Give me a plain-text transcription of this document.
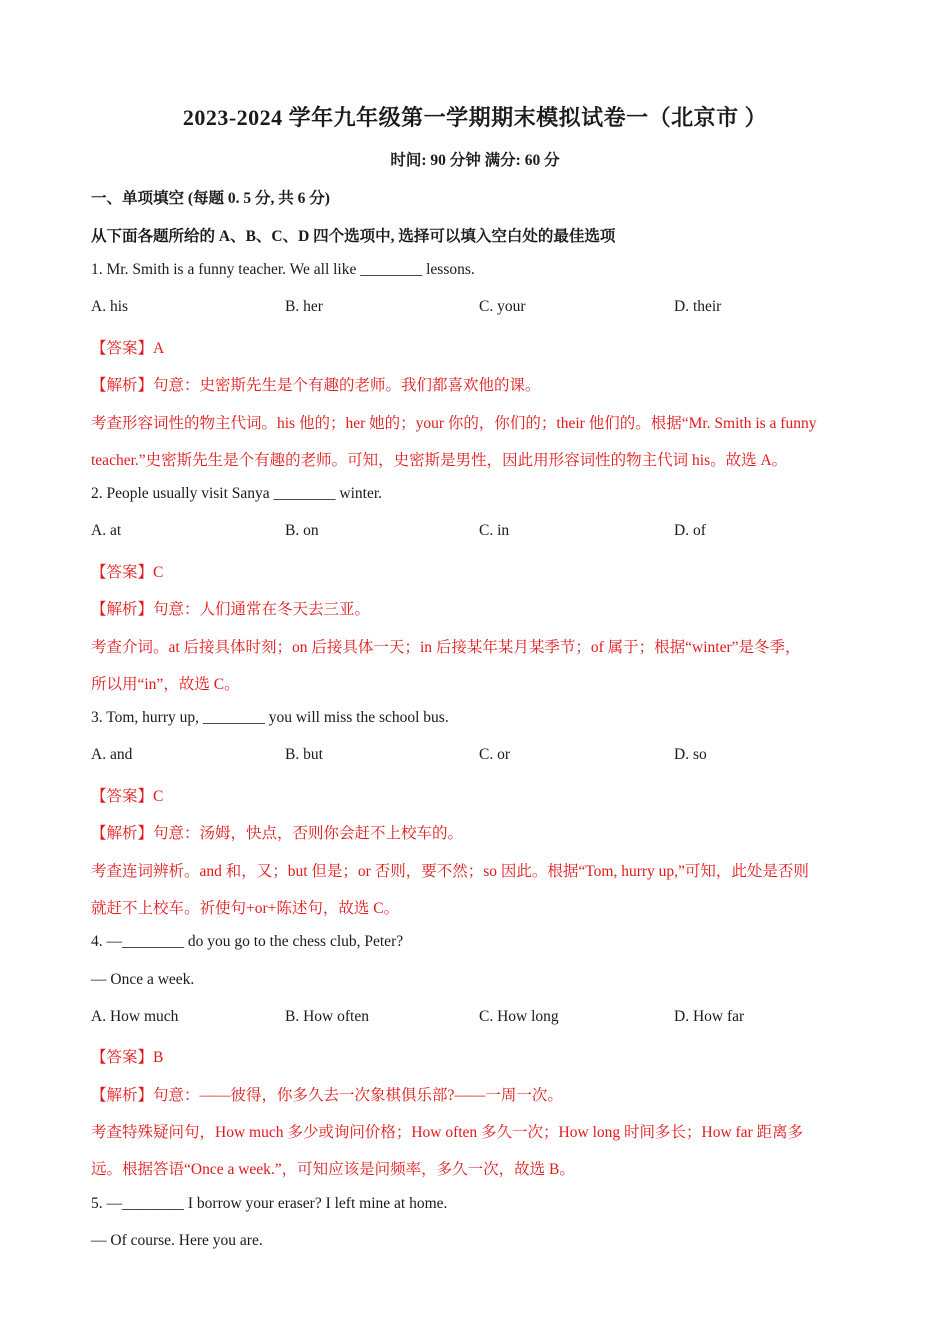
2023-2024 学年九年级第一学期期末模拟试卷一（北京市 ）
时间: 90 分钟 满分: 60 分
一、单项填空 (每题 0. 5 分, 共 6 分)
从下面各题所给的 A、B、C、D 四个选项中, 选择可以填入空白处的最佳选项
1. Mr. Smith is a funny teacher. We all like ________ lessons.
A. his	B. her	C. your	D. their
【答案】A
【解析】句意：史密斯先生是个有趣的老师。我们都喜欢他的课。
考查形容词性的物主代词。his 他的；her 她的；your 你的，你们的；their 他们的。根据“Mr. Smith is a funny
teacher.”史密斯先生是个有趣的老师。可知，史密斯是男性，因此用形容词性的物主代词 his。故选 A。
2. People usually visit Sanya ________ winter.
A. at	B. on	C. in	D. of
【答案】C
【解析】句意：人们通常在冬天去三亚。
考查介词。at 后接具体时刻；on 后接具体一天；in 后接某年某月某季节；of 属于；根据“winter”是冬季，
所以用“in”，故选 C。
3. Tom, hurry up, ________ you will miss the school bus.
A. and	B. but	C. or	D. so
【答案】C
【解析】句意：汤姆，快点，否则你会赶不上校车的。
考查连词辨析。and 和，又；but 但是；or 否则，要不然；so 因此。根据“Tom, hurry up,”可知，此处是否则
就赶不上校车。祈使句+or+陈述句，故选 C。
4. —________ do you go to the chess club, Peter?
— Once a week.
A. How much	B. How often	C. How long	D. How far
【答案】B
【解析】句意：——彼得，你多久去一次象棋俱乐部?——一周一次。
考查特殊疑问句，How much 多少或询问价格；How often 多久一次；How long 时间多长；How far 距离多
远。根据答语“Once a week.”，可知应该是问频率，多久一次，故选 B。
5. —________ I borrow your eraser? I left mine at home.
— Of course. Here you are.
